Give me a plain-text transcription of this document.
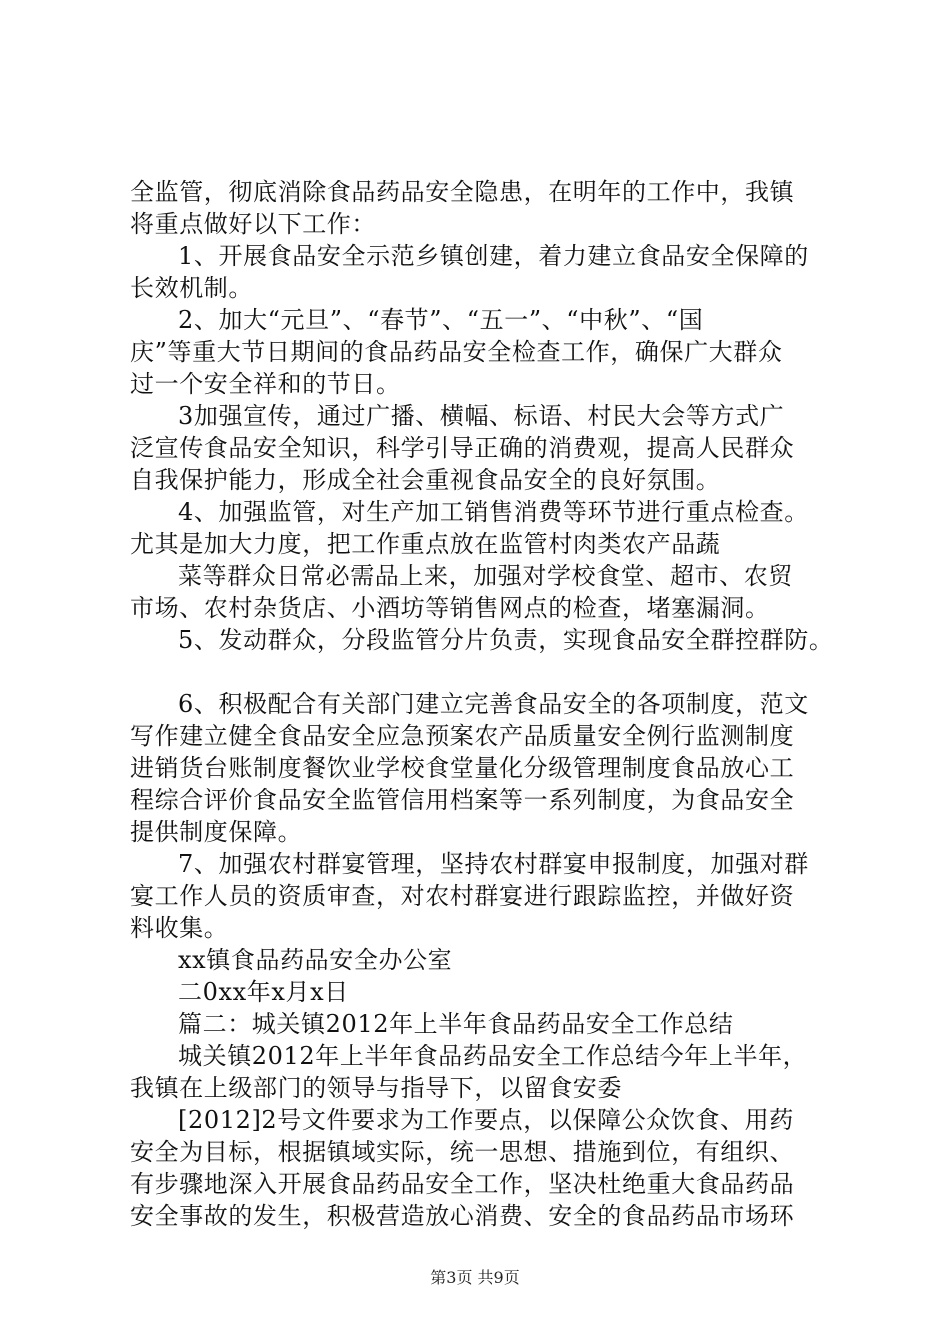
全监管，彻底消除食品药品安全隐患，在明年的工作中，我镇
将重点做好以下工作：
1、开展食品安全示范乡镇创建，着力建立食品安全保障的
长效机制。
2、加大“元旦”、“春节”、“五一”、“中秋”、“国
庆”等重大节日期间的食品药品安全检查工作，确保广大群众
过一个安全祥和的节日。
3加强宣传，通过广播、横幅、标语、村民大会等方式广
泛宣传食品安全知识，科学引导正确的消费观，提高人民群众
自我保护能力，形成全社会重视食品安全的良好氛围。
4、加强监管，对生产加工销售消费等环节进行重点检查。
尤其是加大力度，把工作重点放在监管村肉类农产品蔬
菜等群众日常必需品上来，加强对学校食堂、超市、农贸
市场、农村杂货店、小酒坊等销售网点的检查，堵塞漏洞。
5、发动群众，分段监管分片负责，实现食品安全群控群防。
6、积极配合有关部门建立完善食品安全的各项制度，范文
写作建立健全食品安全应急预案农产品质量安全例行监测制度
进销货台账制度餐饮业学校食堂量化分级管理制度食品放心工
程综合评价食品安全监管信用档案等一系列制度，为食品安全
提供制度保障。
7、加强农村群宴管理，坚持农村群宴申报制度，加强对群
宴工作人员的资质审查，对农村群宴进行跟踪监控，并做好资
料收集。
xx镇食品药品安全办公室
二0xx年x月x日
篇二：城关镇2012年上半年食品药品安全工作总结
城关镇2012年上半年食品药品安全工作总结今年上半年，
我镇在上级部门的领导与指导下，以留食安委
[2012]2号文件要求为工作要点，以保障公众饮食、用药
安全为目标，根据镇域实际，统一思想、措施到位，有组织、
有步骤地深入开展食品药品安全工作，坚决杜绝重大食品药品
安全事故的发生，积极营造放心消费、安全的食品药品市场环
第3页 共9页
